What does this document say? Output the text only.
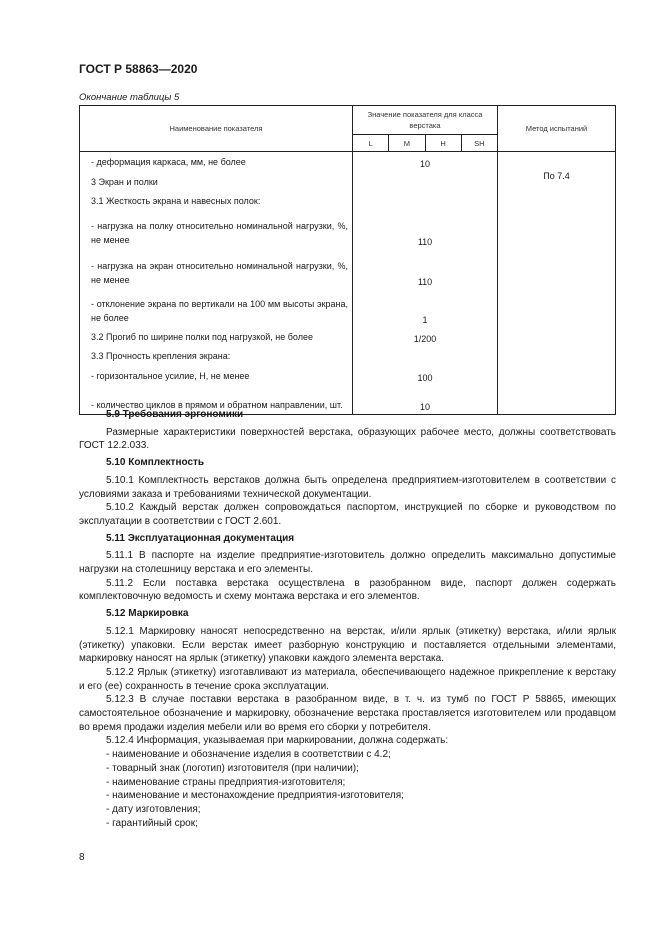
ГОСТ Р 58863—2020
Окончание таблицы 5
Наименование показателя	Значение показателя для класса верстака				Метод испытаний
	L	M	H	SH	
- деформация каркаса, мм, не более	10				
3 Экран и полки					По 7.4
3.1 Жесткость экрана и навесных полок:					
- нагрузка на полку относительно номинальной нагрузки, %, не менее	110				
- нагрузка на экран относительно номинальной нагрузки, %, не менее	110				
- отклонение экрана по вертикали на 100 мм высоты экрана, не более	1				
3.2 Прогиб по ширине полки под нагрузкой, не более	1/200				
3.3 Прочность крепления экрана:					
- горизонтальное усилие, Н, не менее	100				
- количество циклов в прямом и обратном направлении, шт.	10				

5.9 Требования эргономики

Размерные характеристики поверхностей верстака, образующих рабочее место, должны соответствовать ГОСТ 12.2.033.

5.10 Комплектность

5.10.1 Комплектность верстаков должна быть определена предприятием-изготовителем в соответствии с условиями заказа и требованиями технической документации.

5.10.2 Каждый верстак должен сопровождаться паспортом, инструкцией по сборке и руководством по эксплуатации в соответствии с ГОСТ 2.601.

5.11 Эксплуатационная документация

5.11.1 В паспорте на изделие предприятие-изготовитель должно определить максимально допустимые нагрузки на столешницу верстака и его элементы.

5.11.2 Если поставка верстака осуществлена в разобранном виде, паспорт должен содержать комплектовочную ведомость и схему монтажа верстака и его элементов.

5.12 Маркировка

5.12.1 Маркировку наносят непосредственно на верстак, и/или ярлык (этикетку) верстака, и/или ярлык (этикетку) упаковки. Если верстак имеет разборную конструкцию и поставляется отдельными элементами, маркировку наносят на ярлык (этикетку) упаковки каждого элемента верстака.

5.12.2 Ярлык (этикетку) изготавливают из материала, обеспечивающего надежное прикрепление к верстаку и его (ее) сохранность в течение срока эксплуатации.

5.12.3 В случае поставки верстака в разобранном виде, в т. ч. из тумб по ГОСТ Р 58865, имеющих самостоятельное обозначение и маркировку, обозначение верстака проставляется изготовителем или продавцом во время продажи изделия мебели или во время его сборки у потребителя.

5.12.4 Информация, указываемая при маркировании, должна содержать:

- наименование и обозначение изделия в соответствии с 4.2;

- товарный знак (логотип) изготовителя (при наличии);

- наименование страны предприятия-изготовителя;

- наименование и местонахождение предприятия-изготовителя;

- дату изготовления;

- гарантийный срок;

8
